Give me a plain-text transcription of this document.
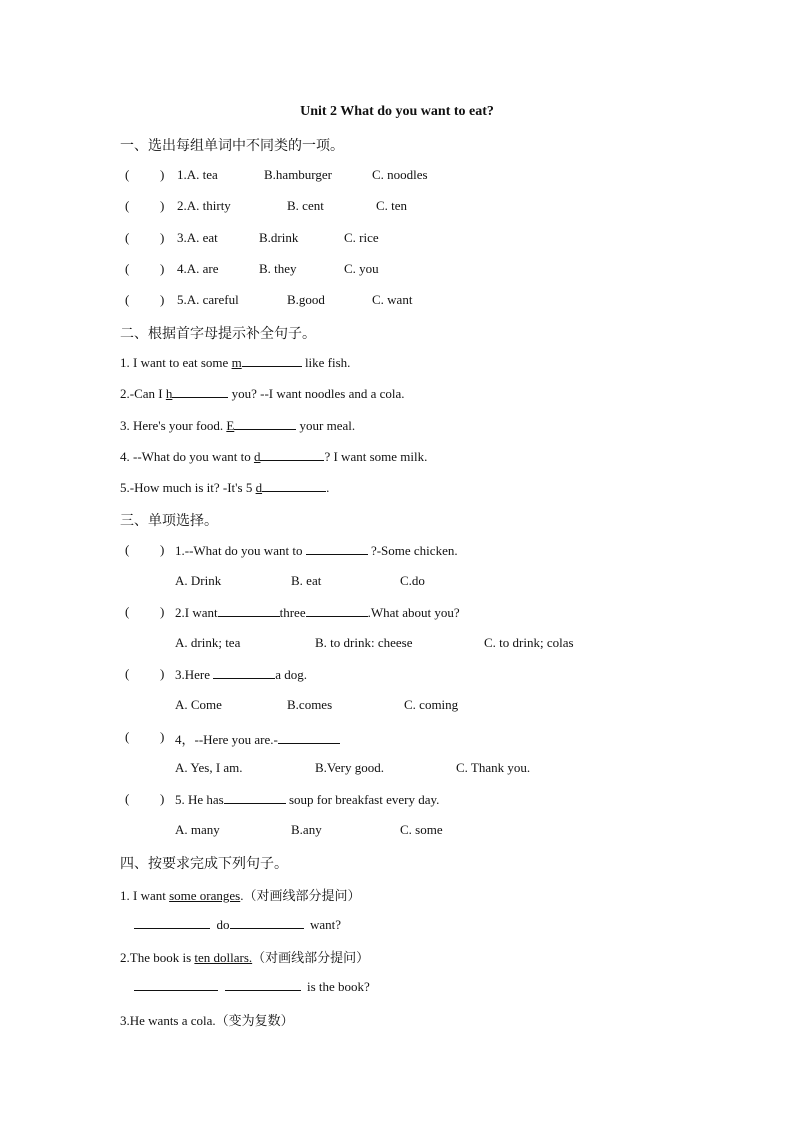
Unit 2 What do you want to eat?
一、选出每组单词中不同类的一项。
( ) 1.A. tea	B.hamburger	C. noodles
( ) 2.A. thirty	B. cent	C. ten
( ) 3.A. eat	B.drink	C. rice
( ) 4.A. are	B. they	C. you
( ) 5.A. careful	B.good	C. want
二、根据首字母提示补全句子。
1. I want to eat some m	like fish.
2.-Can I h	you? --I want noodles and a cola.
3. Here's your food. E	your meal.
4. --What do you want to d	? I want some milk.
5.-How much is it? -It's 5 d	.
三、单项选择。
( ) 1.--What do you want to	?-Some chicken.
A. Drink	B. eat	C.do
( ) 2.I want	three	.What about you?
A. drink; tea	B. to drink: cheese	C. to drink; colas
( ) 3.Here	a dog.
A. Come	B.comes	C. coming
( ) 4，--Here you are.-
A. Yes, I am.	B.Very good.	C. Thank you.
( ) 5. He has	soup for breakfast every day.
A. many	B.any	C. some
四、按要求完成下列句子。
1. I want some oranges.（对画线部分提问）
do	want?
2.The book is ten dollars.（对画线部分提问）
is the book?
3.He wants a cola.（变为复数）
